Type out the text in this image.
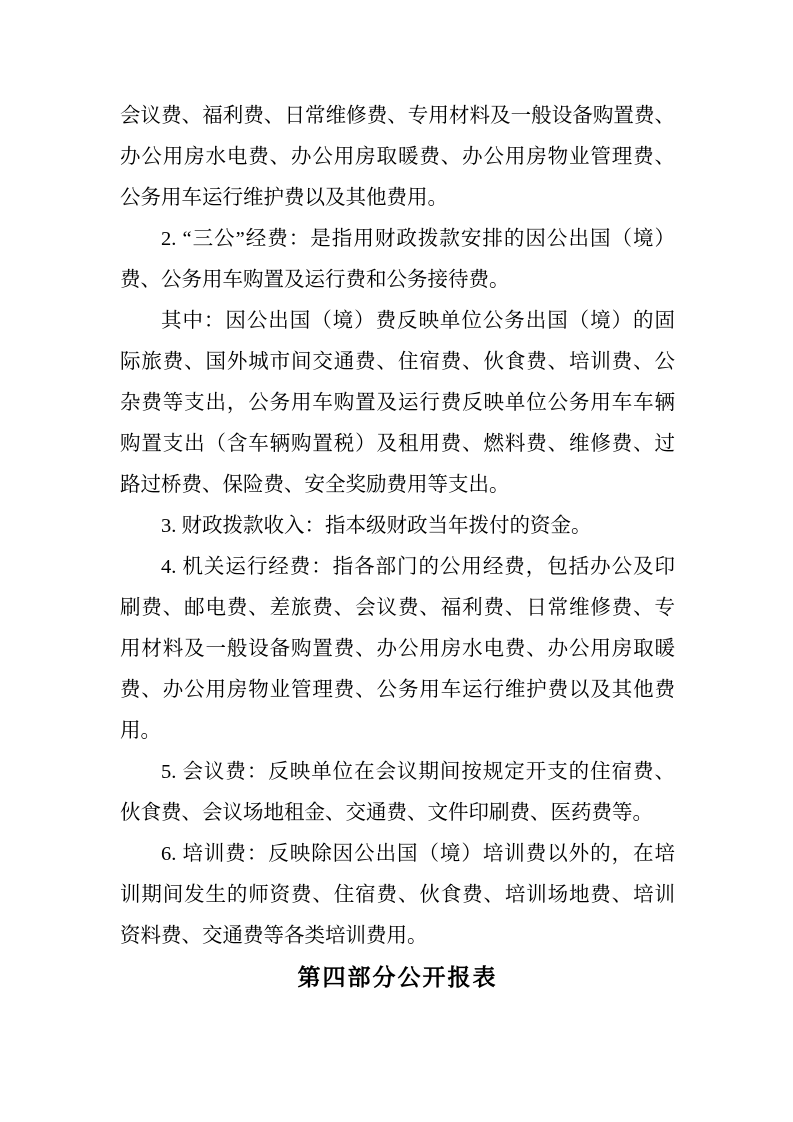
会议费、福利费、日常维修费、专用材料及一般设备购置费、
办公用房水电费、办公用房取暖费、办公用房物业管理费、
公务用车运行维护费以及其他费用。
2. “三公”经费：是指用财政拨款安排的因公出国（境）
费、公务用车购置及运行费和公务接待费。
其中：因公出国（境）费反映单位公务出国（境）的固
际旅费、国外城市间交通费、住宿费、伙食费、培训费、公
杂费等支出，公务用车购置及运行费反映单位公务用车车辆
购置支出（含车辆购置税）及租用费、燃料费、维修费、过
路过桥费、保险费、安全奖励费用等支出。
3. 财政拨款收入：指本级财政当年拨付的资金。
4. 机关运行经费：指各部门的公用经费，包括办公及印
刷费、邮电费、差旅费、会议费、福利费、日常维修费、专
用材料及一般设备购置费、办公用房水电费、办公用房取暖
费、办公用房物业管理费、公务用车运行维护费以及其他费
用。
5. 会议费：反映单位在会议期间按规定开支的住宿费、
伙食费、会议场地租金、交通费、文件印刷费、医药费等。
6. 培训费：反映除因公出国（境）培训费以外的，在培
训期间发生的师资费、住宿费、伙食费、培训场地费、培训
资料费、交通费等各类培训费用。
第四部分公开报表
